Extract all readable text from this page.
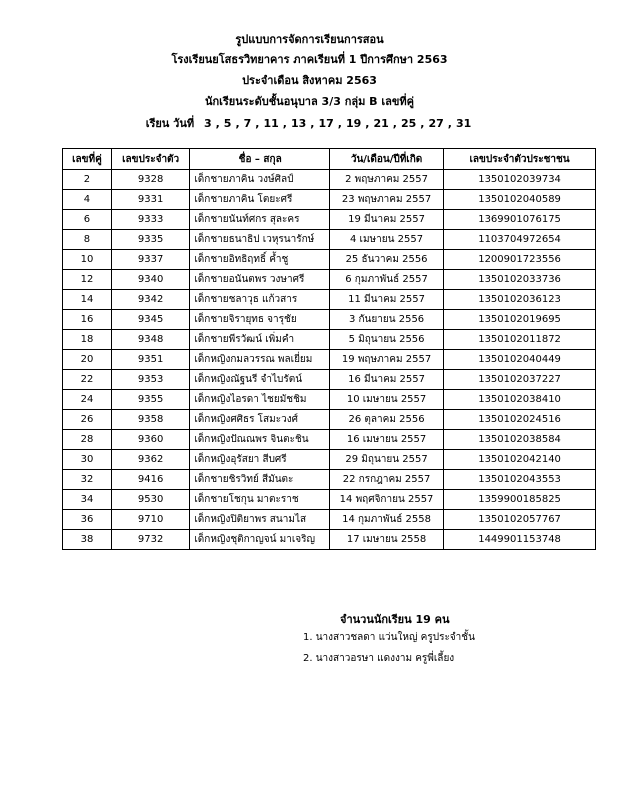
รูปแบบการจัดการเรียนการสอน
โรงเรียนยโสธรวิทยาคาร ภาคเรียนที่ 1 ปีการศึกษา 2563
ประจำเดือน สิงหาคม 2563
นักเรียนระดับชั้นอนุบาล 3/3 กลุ่ม B เลขที่คู่
เรียน วันที่ 3 , 5 , 7 , 11 , 13 , 17 , 19 , 21 , 25 , 27 , 31
เลขที่คู่	เลขประจำตัว	ชื่อ – สกุล	วัน/เดือน/ปีที่เกิด	เลขประจำตัวประชาชน
2	9328	เด็กชายภาคิน วงษ์ศิลป์	2 พฤษภาคม 2557	1350102039734
4	9331	เด็กชายภาคิน โตยะศรี	23 พฤษภาคม 2557	1350102040589
6	9333	เด็กชายนันท์ศกร สุละคร	19 มีนาคม 2557	1369901076175
8	9335	เด็กชายธนาธิป เวหุรนารักษ์	4 เมษายน 2557	1103704972654
10	9337	เด็กชายอิทธิฤทธิ์ ค้ำชู	25 ธันวาคม 2556	1200901723556
12	9340	เด็กชายอนันตพร วงษาศรี	6 กุมภาพันธ์ 2557	1350102033736
14	9342	เด็กชายชลาวุธ แก้วสาร	11 มีนาคม 2557	1350102036123
16	9345	เด็กชายจิรายุทธ จารุชัย	3 กันยายน 2556	1350102019695
18	9348	เด็กชายพีรวัฒน์ เพิ่มคำ	5 มิถุนายน 2556	1350102011872
20	9351	เด็กหญิงกมลวรรณ พลเยี่ยม	19 พฤษภาคม 2557	1350102040449
22	9353	เด็กหญิงณัฐนรี จำไบรัตน์	16 มีนาคม 2557	1350102037227
24	9355	เด็กหญิงไอรดา ไชยมัชชิม	10 เมษายน 2557	1350102038410
26	9358	เด็กหญิงศศิธร โสมะวงศ์	26 ตุลาคม 2556	1350102024516
28	9360	เด็กหญิงปัณณพร จินตะชิน	16 เมษายน 2557	1350102038584
30	9362	เด็กหญิงอุรัสยา สีบศรี	29 มิถุนายน 2557	1350102042140
32	9416	เด็กชายชิรวิทย์ สีมันตะ	22 กรกฎาคม 2557	1350102043553
34	9530	เด็กชายโชกุน มาตะราช	14 พฤศจิกายน 2557	1359900185825
36	9710	เด็กหญิงปิติยาพร สนามไส	14 กุมภาพันธ์ 2558	1350102057767
38	9732	เด็กหญิงชุติกาญจน์ มาเจริญ	17 เมษายน 2558	1449901153748
จำนวนนักเรียน 19 คน
1. นางสาวชลดา แว่นใหญ่ ครูประจำชั้น
2. นางสาวอรษา แดงงาม ครูพี่เลี้ยง
